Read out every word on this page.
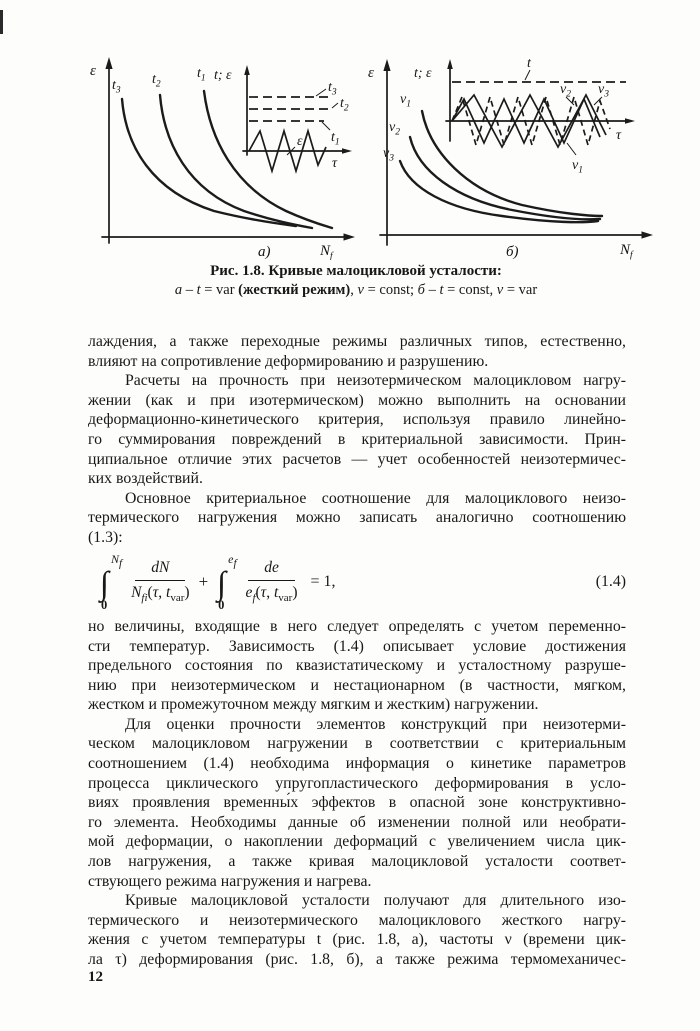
ε
$N_f$
$t_3$
$t_2$
$t_1$ t; ε
τ
$t_3$
$t_2$
$t_1$
ε
а)
ε
$N_f$
$\nu_1$
$\nu_2$
$\nu_3$
t; ε
τ
t
$\nu_2$ $\nu_3$
$\nu_1$
б)
Рис. 1.8. Кривые малоцикловой усталости:
а – t = var (жесткий режим), ν = const; б – t = const, ν = var
лаждения, а также переходные режимы различных типов, естественно,
влияют на сопротивление деформированию и разрушению.
Расчеты на прочность при неизотермическом малоцикловом нагру-
жении (как и при изотермическом) можно выполнить на основании
деформационно-кинетического критерия, используя правило линейно-
го суммирования повреждений в критериальной зависимости. Прин-
ципиальное отличие этих расчетов — учет особенностей неизотермичес-
ких воздействий.
Основное критериальное соотношение для малоциклового неизо-
термического нагружения можно записать аналогично соотношению
(1.3):
$N_f$
∫
0
$\frac{dN}{N_{fi}(\tau, t_{var})}$ +
$e_f$
∫
0
$\frac{de}{e_f(\tau, t_{var})} = 1$,	(1.4)
но величины, входящие в него следует определять с учетом переменно-
сти температур. Зависимость (1.4) описывает условие достижения
предельного состояния по квазистатическому и усталостному разруше-
нию при неизотермическом и нестационарном (в частности, мягком,
жестком и промежуточном между мягким и жестким) нагружении.
Для оценки прочности элементов конструкций при неизотерми-
ческом малоцикловом нагружении в соответствии с критериальным
соотношением (1.4) необходима информация о кинетике параметров
процесса циклического упругопластического деформирования в усло-
виях проявления временны́х эффектов в опасной зоне конструктивно-
го элемента. Необходимы данные об изменении полной или необрати-
мой деформации, о накоплении деформаций с увеличением числа цик-
лов нагружения, а также кривая малоцикловой усталости соответ-
ствующего режима нагружения и нагрева.
Кривые малоцикловой усталости получают для длительного изо-
термического и неизотермического малоциклового жесткого нагру-
жения с учетом температуры t (рис. 1.8, а), частоты ν (времени цик-
ла τ) деформирования (рис. 1.8, б), а также режима термомеханичес-
12
